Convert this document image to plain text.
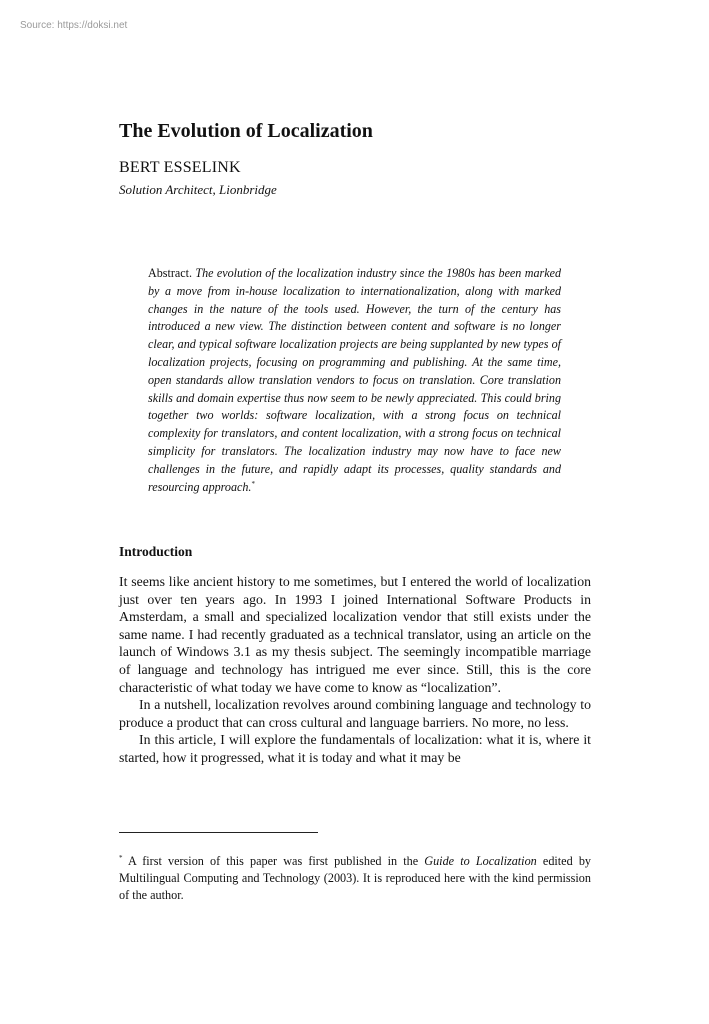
Source: https://doksi.net
The Evolution of Localization
BERT ESSELINK
Solution Architect, Lionbridge
Abstract. The evolution of the localization industry since the 1980s has been marked by a move from in-house localization to internationalization, along with marked changes in the nature of the tools used. However, the turn of the century has introduced a new view. The distinction between content and software is no longer clear, and typical software localization projects are being supplanted by new types of localization projects, focusing on programming and publishing. At the same time, open standards allow translation vendors to focus on translation. Core translation skills and domain expertise thus now seem to be newly appreciated. This could bring together two worlds: software localization, with a strong focus on technical complexity for translators, and content localization, with a strong focus on technical simplicity for translators. The localization industry may now have to face new challenges in the future, and rapidly adapt its processes, quality standards and resourcing approach.*
Introduction

It seems like ancient history to me sometimes, but I entered the world of localization just over ten years ago. In 1993 I joined International Software Products in Amsterdam, a small and specialized localization vendor that still exists under the same name. I had recently graduated as a technical translator, using an article on the launch of Windows 3.1 as my thesis subject. The seemingly incompatible marriage of language and technology has intrigued me ever since. Still, this is the core characteristic of what today we have come to know as “localization”.

In a nutshell, localization revolves around combining language and technology to produce a product that can cross cultural and language barriers. No more, no less.

In this article, I will explore the fundamentals of localization: what it is, where it started, how it progressed, what it is today and what it may be

* A first version of this paper was first published in the Guide to Localization edited by Multilingual Computing and Technology (2003). It is reproduced here with the kind permission of the author.
